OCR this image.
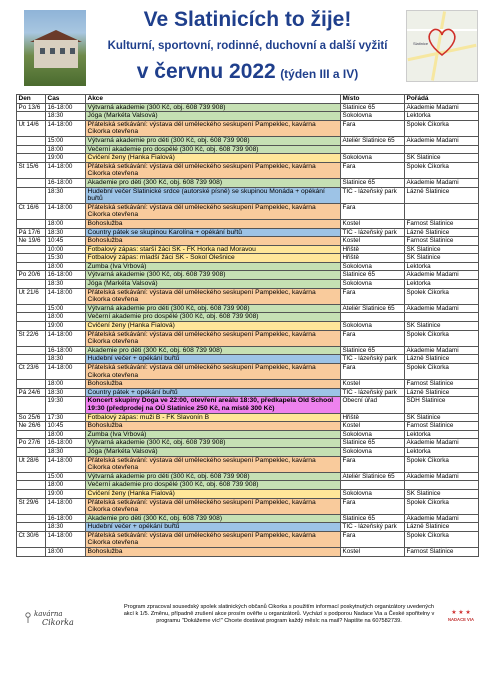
Ve Slatinicích to žije!
Kulturní, sportovní, rodinné, duchovní a další vyžití
v červnu 2022 (týden III a IV)
Slatinice
Den	Čas	Akce	Místo	Pořádá
Po 13/6	16-18:00	Výtvarná akademie (300 Kč, obj. 608 739 908)	Slatinice 65	Akademie Madami
	18:30	Jóga (Markéta Valsová)	Sokolovna	Lektorka
Út 14/6	14-18:00	Přátelská setkávání: výstava děl uměleckého seskupení Pampeklec, kavárna Cikorka otevřena	Fara	Spolek Cikorka
	15:00	Výtvarná akademie pro děti (300 Kč, obj. 608 739 908)	Ateliér Slatinice 65	Akademie Madami
	18:00	Večerní akademie pro dospělé (300 Kč, obj. 608 739 908)		
	19:00	Cvičení ženy (Hanka Fialová)	Sokolovna	SK Slatinice
St 15/6	14-18:00	Přátelská setkávání: výstava děl uměleckého seskupení Pampeklec, kavárna Cikorka otevřena	Fara	Spolek Cikorka
	16-18:00	Akademie pro děti (300 Kč, obj. 608 739 908)	Slatinice 65	Akademie Madami
	18:30	Hudební večer Slatinické srdce (autorské písně) se skupinou Monáda + opékání buřtů	TIC - lázeňský park	Lázně Slatinice
Čt 16/6	14-18:00	Přátelská setkávání: výstava děl uměleckého seskupení Pampeklec, kavárna Cikorka otevřena	Fara	
	18:00	Bohoslužba	Kostel	Farnost Slatinice
Pá 17/6	18:30	Country pátek se skupinou Karolína + opékání buřtů	TIC - lázeňský park	Lázně Slatinice
Ne 19/6	10:45	Bohoslužba	Kostel	Farnost Slatinice
	10:00	Fotbalový zápas: starší žáci SK - FK Horka nad Moravou	Hřiště	SK Slatinice
	15:30	Fotbalový zápas: mladší žáci SK - Sokol Olešnice	Hřiště	SK Slatinice
	18:00	Zumba (Iva Vrbová)	Sokolovna	Lektorka
Po 20/6	16-18:00	Výtvarná akademie (300 Kč, obj. 608 739 908)	Slatinice 65	Akademie Madami
	18:30	Jóga (Markéta Valsová)	Sokolovna	Lektorka
Út 21/6	14-18:00	Přátelská setkávání: výstava děl uměleckého seskupení Pampeklec, kavárna Cikorka otevřena	Fara	Spolek Cikorka
	15:00	Výtvarná akademie pro děti (300 Kč, obj. 608 739 908)	Ateliér Slatinice 65	Akademie Madami
	18:00	Večerní akademie pro dospělé (300 Kč, obj. 608 739 908)		
	19:00	Cvičení ženy (Hanka Fialová)	Sokolovna	SK Slatinice
St 22/6	14-18:00	Přátelská setkávání: výstava děl uměleckého seskupení Pampeklec, kavárna Cikorka otevřena	Fara	Spolek Cikorka
	16-18:00	Akademie pro děti (300 Kč, obj. 608 739 908)	Slatinice 65	Akademie Madami
	18:30	Hudební večer + opékání buřtů	TIC - lázeňský park	Lázně Slatinice
Čt 23/6	14-18:00	Přátelská setkávání: výstava děl uměleckého seskupení Pampeklec, kavárna Cikorka otevřena	Fara	Spolek Cikorka
	18:00	Bohoslužba	Kostel	Farnost Slatinice
Pá 24/6	18:30	Country pátek + opékání buřtů	TIC - lázeňský park	Lázně Slatinice
	19:30	Koncert skupiny Doga ve 22:00, otevření areálu 18:30, předkapela Old School 19:30 (předprodej na OÚ Slatinice 250 Kč, na místě 300 Kč)	Obecní úřad	SDH Slatinice
So 25/6	17:30	Fotbalový zápas: muži B - FK Slavonín B	Hřiště	SK Slatinice
Ne 26/6	10:45	Bohoslužba	Kostel	Farnost Slatinice
	18:00	Zumba (Iva Vrbová)	Sokolovna	Lektorka
Po 27/6	16-18:00	Výtvarná akademie (300 Kč, obj. 608 739 908)	Slatinice 65	Akademie Madami
	18:30	Jóga (Markéta Valsová)	Sokolovna	Lektorka
Út 28/6	14-18:00	Přátelská setkávání: výstava děl uměleckého seskupení Pampeklec, kavárna Cikorka otevřena	Fara	Spolek Cikorka
	15:00	Výtvarná akademie pro děti (300 Kč, obj. 608 739 908)	Ateliér Slatinice 65	Akademie Madami
	18:00	Večerní akademie pro dospělé (300 Kč, obj. 608 739 908)		
	19:00	Cvičení ženy (Hanka Fialová)	Sokolovna	SK Slatinice
St 29/6	14-18:00	Přátelská setkávání: výstava děl uměleckého seskupení Pampeklec, kavárna Cikorka otevřena	Fara	Spolek Cikorka
	16-18:00	Akademie pro děti (300 Kč, obj. 608 739 908)	Slatinice 65	Akademie Madami
	18:30	Hudební večer + opékání buřtů	TIC - lázeňský park	Lázně Slatinice
Čt 30/6	14-18:00	Přátelská setkávání: výstava děl uměleckého seskupení Pampeklec, kavárna Cikorka otevřena	Fara	Spolek Cikorka
	18:00	Bohoslužba	Kostel	Farnost Slatinice
kavárna
Cikorka
Program zpracoval sousedský spolek slatinických občanů Cikorka s použitím informací poskytnutých organizátory uvedených akcí k 1/5. Změnu, případně zrušení akce prosím ověřte u organizátorů. Vychází s podporou Nadace Via a České spořitelny v programu "Dokážeme víc!" Chcete dostávat program každý měsíc na mail? Napište na 607582739.
★ ★ ★
NADACE VIA
